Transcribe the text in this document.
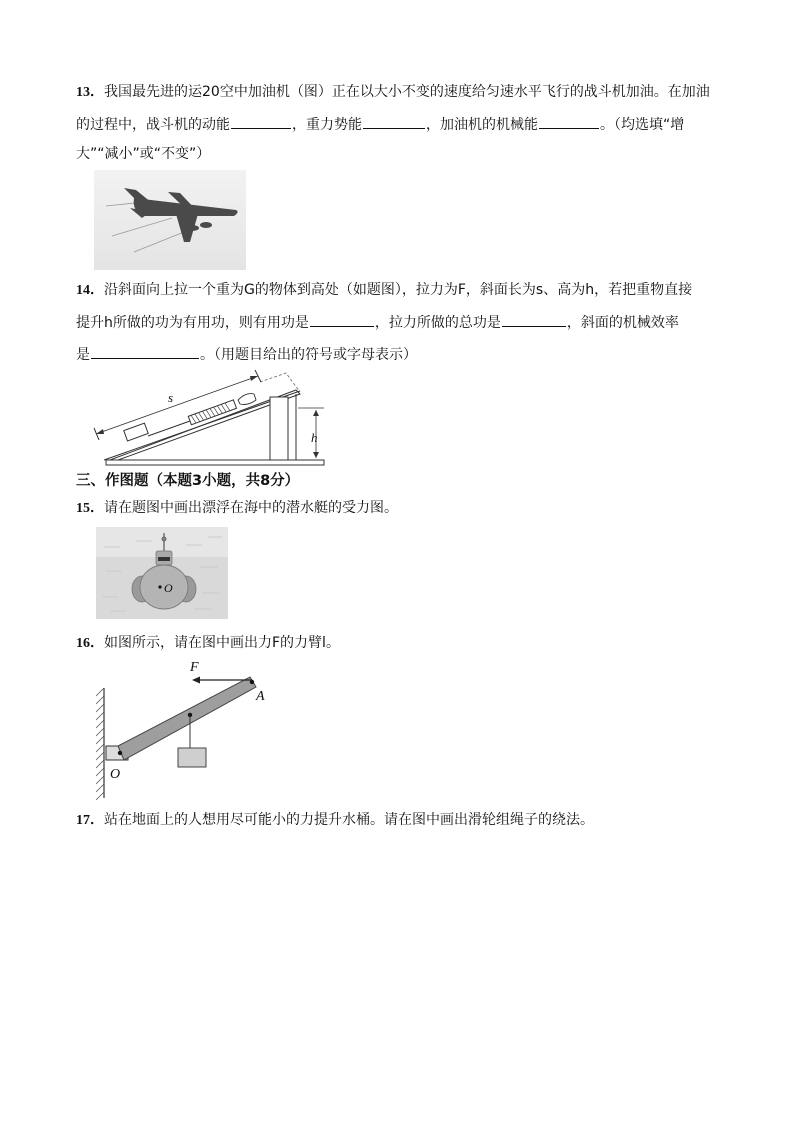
13．我国最先进的运20空中加油机（图）正在以大小不变的速度给匀速水平飞行的战斗机加油。在加油
的过程中，战斗机的动能	，重力势能	，加油机的机械能	。（均选填“增
大”“减小”或“不变”）
14．沿斜面向上拉一个重为G的物体到高处（如题图），拉力为F，斜面长为s、高为h，若把重物直接
提升h所做的功为有用功，则有用功是	，拉力所做的总功是	，斜面的机械效率
是	。（用题目给出的符号或字母表示）
h
s
三、作图题（本题3小题，共8分）
15．请在题图中画出漂浮在海中的潜水艇的受力图。
O
16．如图所示，请在图中画出力F的力臂l。
F
A
O
17．站在地面上的人想用尽可能小的力提升水桶。请在图中画出滑轮组绳子的绕法。
